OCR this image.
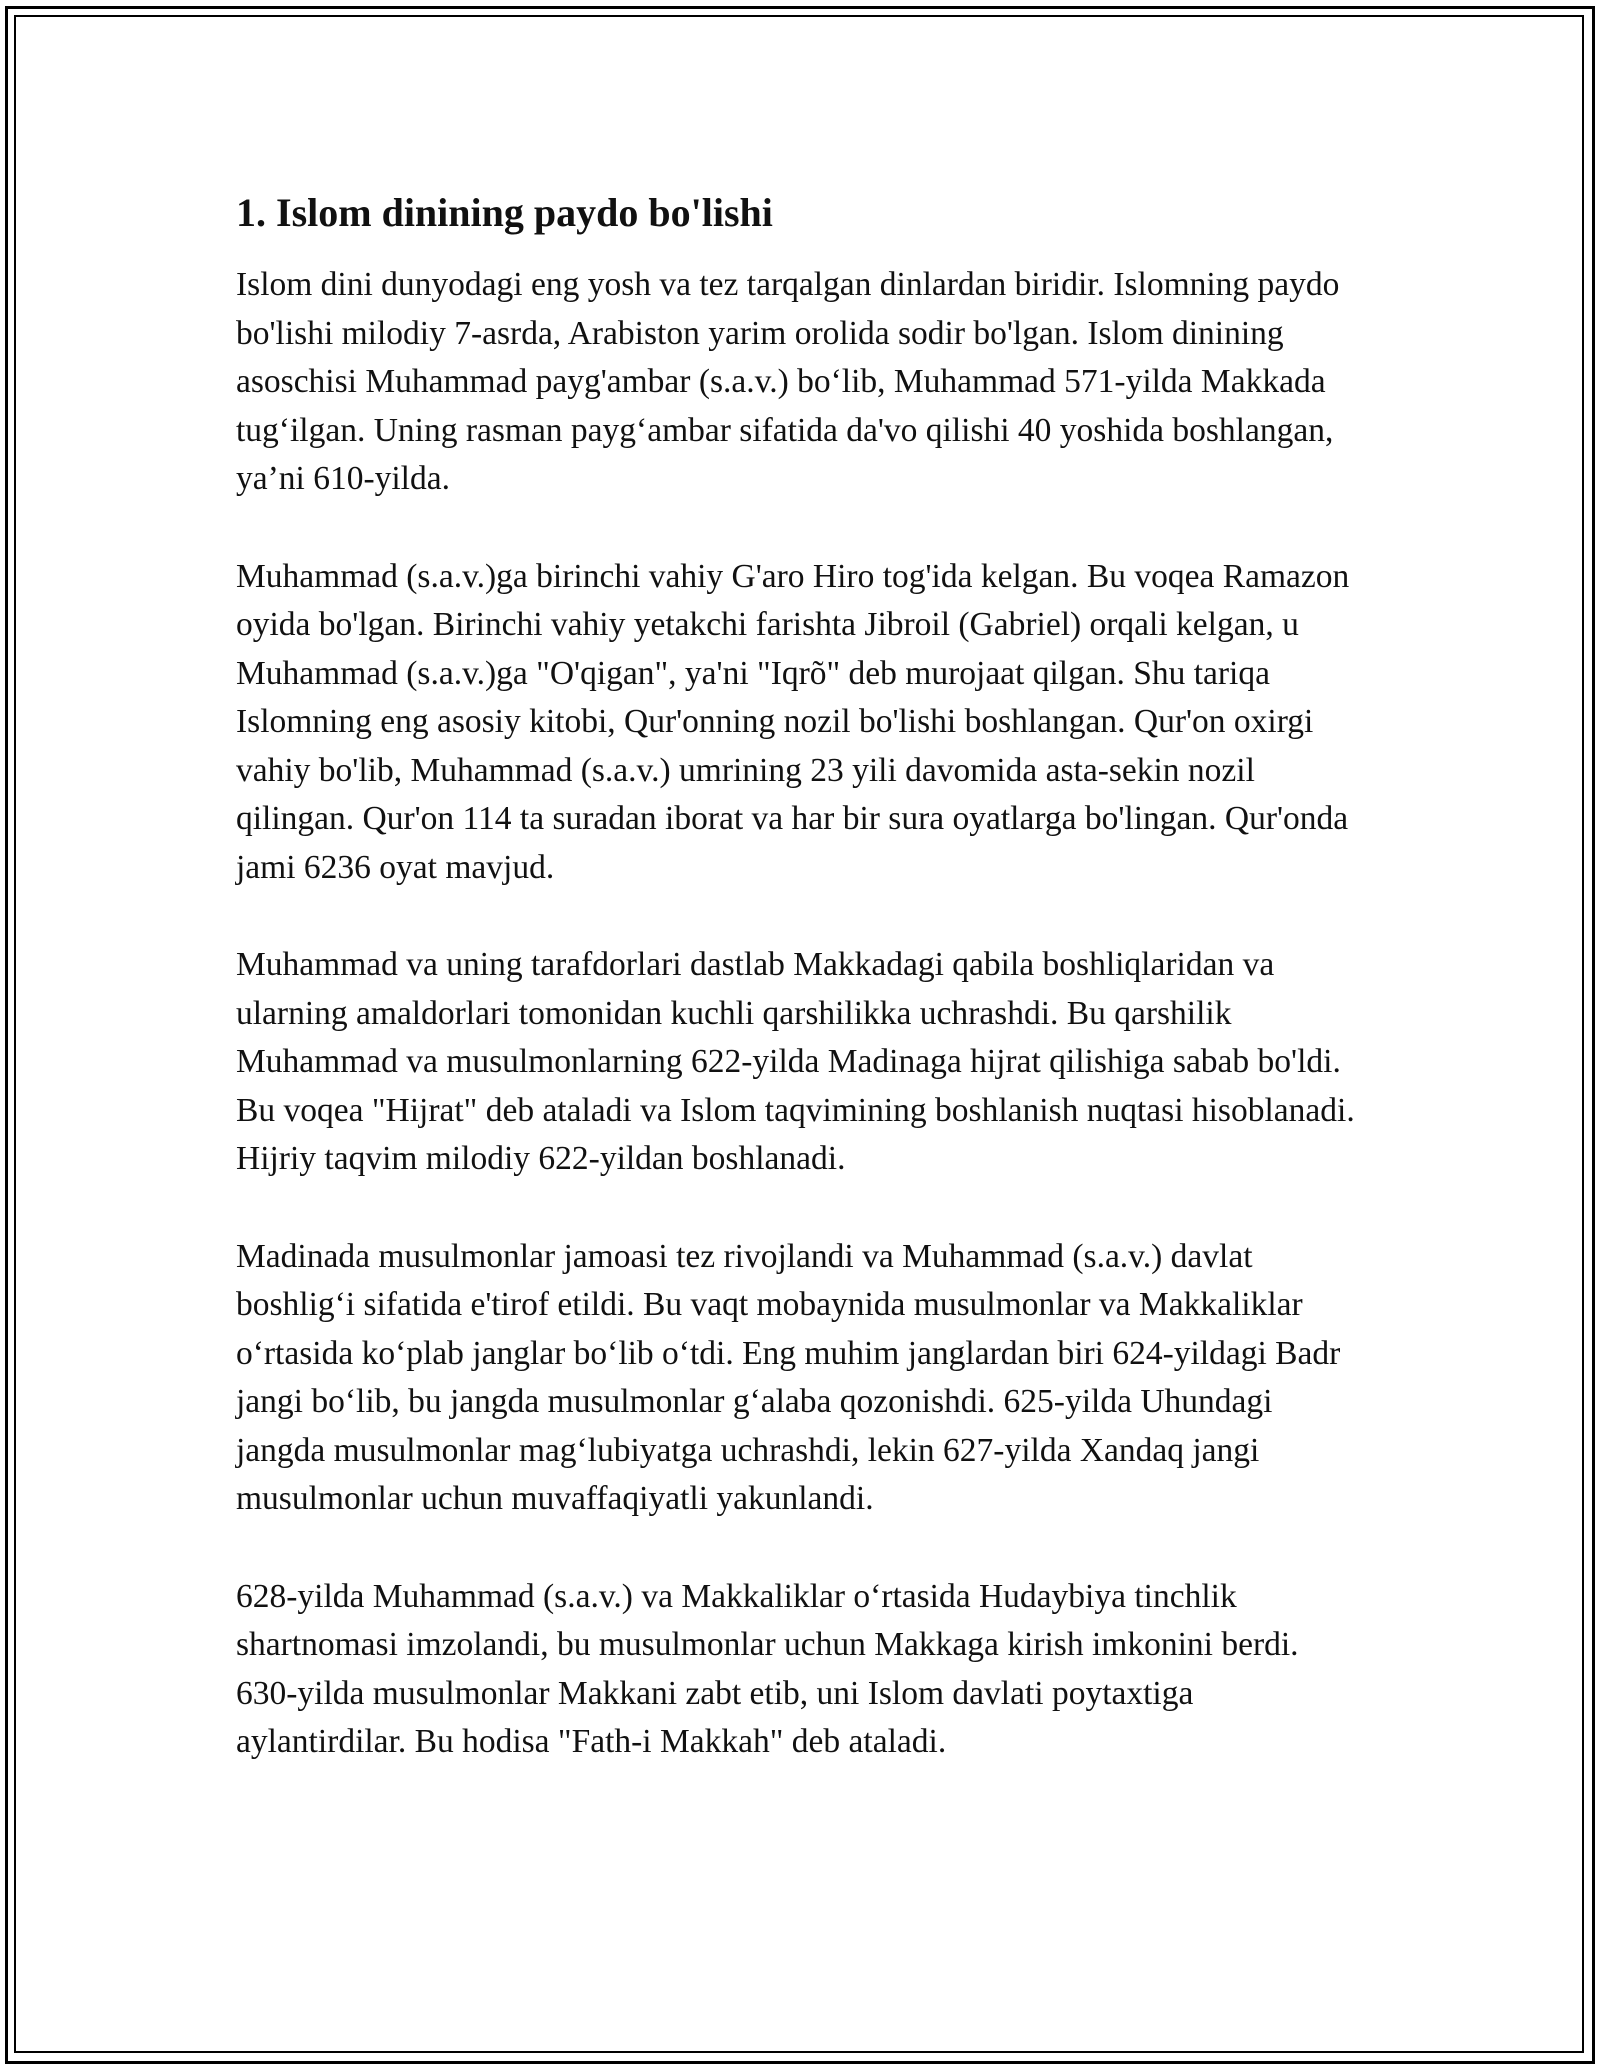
1. Islom dinining paydo bo'lishi

Islom dini dunyodagi eng yosh va tez tarqalgan dinlardan biridir. Islomning paydo bo'lishi milodiy 7-asrda, Arabiston yarim orolida sodir bo'lgan. Islom dinining asoschisi Muhammad payg'ambar (s.a.v.) bo‘lib, Muhammad 571-yilda Makkada tug‘ilgan. Uning rasman payg‘ambar sifatida da'vo qilishi 40 yoshida boshlangan, ya’ni 610-yilda.

Muhammad (s.a.v.)ga birinchi vahiy G'aro Hiro tog'ida kelgan. Bu voqea Ramazon oyida bo'lgan. Birinchi vahiy yetakchi farishta Jibroil (Gabriel) orqali kelgan, u Muhammad (s.a.v.)ga "O'qigan", ya'ni "Iqrõ" deb murojaat qilgan. Shu tariqa Islomning eng asosiy kitobi, Qur'onning nozil bo'lishi boshlangan. Qur'on oxirgi vahiy bo'lib, Muhammad (s.a.v.) umrining 23 yili davomida asta-sekin nozil qilingan. Qur'on 114 ta suradan iborat va har bir sura oyatlarga bo'lingan. Qur'onda jami 6236 oyat mavjud.

Muhammad va uning tarafdorlari dastlab Makkadagi qabila boshliqlaridan va ularning amaldorlari tomonidan kuchli qarshilikka uchrashdi. Bu qarshilik Muhammad va musulmonlarning 622-yilda Madinaga hijrat qilishiga sabab bo'ldi. Bu voqea "Hijrat" deb ataladi va Islom taqvimining boshlanish nuqtasi hisoblanadi. Hijriy taqvim milodiy 622-yildan boshlanadi.

Madinada musulmonlar jamoasi tez rivojlandi va Muhammad (s.a.v.) davlat boshlig‘i sifatida e'tirof etildi. Bu vaqt mobaynida musulmonlar va Makkaliklar o‘rtasida ko‘plab janglar bo‘lib o‘tdi. Eng muhim janglardan biri 624-yildagi Badr jangi bo‘lib, bu jangda musulmonlar g‘alaba qozonishdi. 625-yilda Uhundagi jangda musulmonlar mag‘lubiyatga uchrashdi, lekin 627-yilda Xandaq jangi musulmonlar uchun muvaffaqiyatli yakunlandi.

628-yilda Muhammad (s.a.v.) va Makkaliklar o‘rtasida Hudaybiya tinchlik shartnomasi imzolandi, bu musulmonlar uchun Makkaga kirish imkonini berdi. 630-yilda musulmonlar Makkani zabt etib, uni Islom davlati poytaxtiga aylantirdilar. Bu hodisa "Fath-i Makkah" deb ataladi.
